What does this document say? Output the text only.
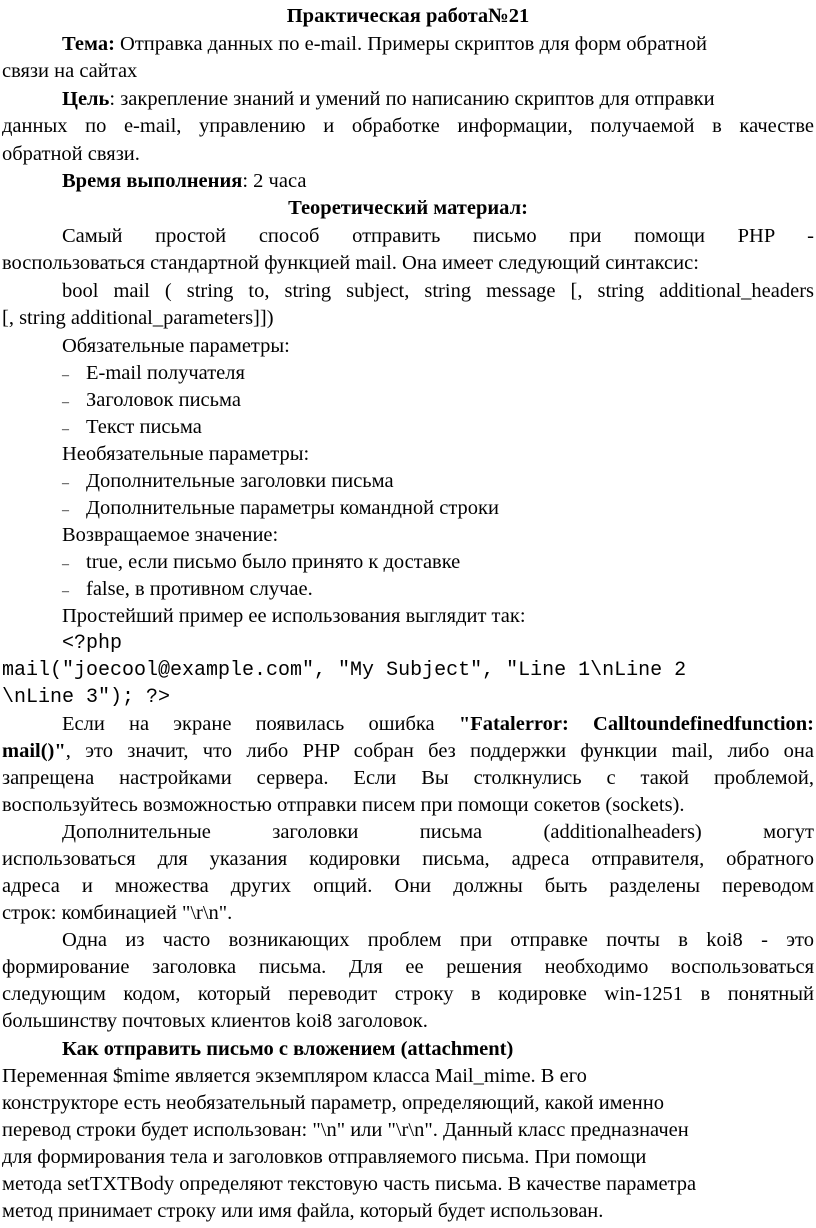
Практическая работа№21
Тема: Отправка данных по e-mail. Примеры скриптов для форм обратной
связи на сайтах
Цель: закрепление знаний и умений по написанию скриптов для отправки
данных по e-mail, управлению и обработке информации, получаемой в качестве
обратной связи.
Время выполнения: 2 часа
Теоретический материал:
Самый простой способ отправить письмо при помощи PHP -
воспользоваться стандартной функцией mail. Она имеет следующий синтаксис:
bool mail ( string to, string subject, string message [, string additional_headers
[, string additional_parameters]])
Обязательные параметры:
– E-mail получателя
– Заголовок письма
– Текст письма
Необязательные параметры:
– Дополнительные заголовки письма
– Дополнительные параметры командной строки
Возвращаемое значение:
– true, если письмо было принято к доставке
– false, в противном случае.
Простейший пример ее использования выглядит так:
<?php
mail("joecool@example.com", "My Subject", "Line 1\nLine 2
\nLine 3"); ?>
Если на экране появилась ошибка "Fatalerror: Calltoundefinedfunction:
mail()", это значит, что либо PHP собран без поддержки функции mail, либо она
запрещена настройками сервера. Если Вы столкнулись с такой проблемой,
воспользуйтесь возможностью отправки писем при помощи сокетов (sockets).
Дополнительные заголовки письма (additionalheaders) могут
использоваться для указания кодировки письма, адреса отправителя, обратного
адреса и множества других опций. Они должны быть разделены переводом
строк: комбинацией "\r\n".
Одна из часто возникающих проблем при отправке почты в koi8 - это
формирование заголовка письма. Для ее решения необходимо воспользоваться
следующим кодом, который переводит строку в кодировке win-1251 в понятный
большинству почтовых клиентов koi8 заголовок.
Как отправить письмо с вложением (attachment)
Переменная $mime является экземпляром класса Mail_mime. В его
конструкторе есть необязательный параметр, определяющий, какой именно
перевод строки будет использован: "\n" или "\r\n". Данный класс предназначен
для формирования тела и заголовков отправляемого письма. При помощи
метода setTXTBody определяют текстовую часть письма. В качестве параметра
метод принимает строку или имя файла, который будет использован.
